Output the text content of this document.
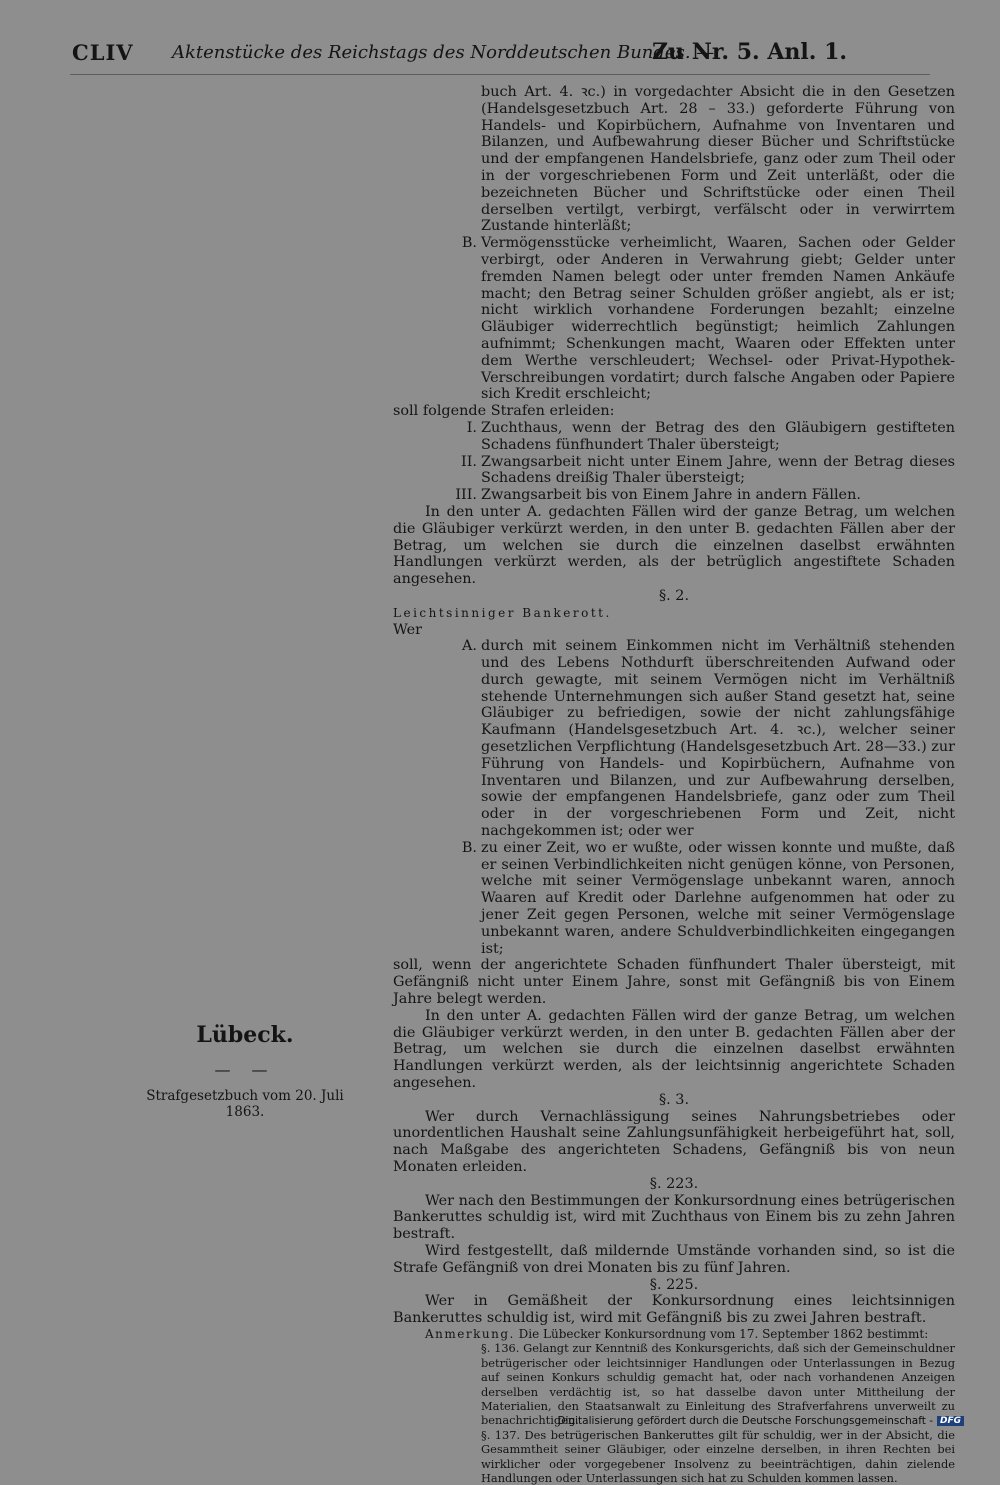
CLIV Aktenstücke des Reichstags des Norddeutschen Bundes. —
Zu Nr. 5. Anl. 1.

buch Art. 4. ꝛc.) in vorgedachter Absicht die in den Gesetzen (Handelsgesetzbuch Art. 28 – 33.) geforderte Führung von Handels- und Kopirbüchern, Aufnahme von Inventaren und Bilanzen, und Aufbewahrung dieser Bücher und Schriftstücke und der empfangenen Handelsbriefe, ganz oder zum Theil oder in der vorgeschriebenen Form und Zeit unterläßt, oder die bezeichneten Bücher und Schriftstücke oder einen Theil derselben vertilgt, verbirgt, verfälscht oder in verwirrtem Zustande hinterläßt;

B. Vermögensstücke verheimlicht, Waaren, Sachen oder Gelder verbirgt, oder Anderen in Verwahrung giebt; Gelder unter fremden Namen belegt oder unter fremden Namen Ankäufe macht; den Betrag seiner Schulden größer angiebt, als er ist; nicht wirklich vorhandene Forderungen bezahlt; einzelne Gläubiger widerrechtlich begünstigt; heimlich Zahlungen aufnimmt; Schenkungen macht, Waaren oder Effekten unter dem Werthe verschleudert; Wechsel- oder Privat-Hypothek-Verschreibungen vordatirt; durch falsche Angaben oder Papiere sich Kredit erschleicht;

soll folgende Strafen erleiden:

I. Zuchthaus, wenn der Betrag des den Gläubigern gestifteten Schadens fünfhundert Thaler übersteigt;

II. Zwangsarbeit nicht unter Einem Jahre, wenn der Betrag dieses Schadens dreißig Thaler übersteigt;

III. Zwangsarbeit bis von Einem Jahre in andern Fällen.

In den unter A. gedachten Fällen wird der ganze Betrag, um welchen die Gläubiger verkürzt werden, in den unter B. gedachten Fällen aber der Betrag, um welchen sie durch die einzelnen daselbst erwähnten Handlungen verkürzt werden, als der betrüglich angestiftete Schaden angesehen.

§. 2.

Leichtsinniger Bankerott.

Wer

A. durch mit seinem Einkommen nicht im Verhältniß stehenden und des Lebens Nothdurft überschreitenden Aufwand oder durch gewagte, mit seinem Vermögen nicht im Verhältniß stehende Unternehmungen sich außer Stand gesetzt hat, seine Gläubiger zu befriedigen, sowie der nicht zahlungsfähige Kaufmann (Handelsgesetzbuch Art. 4. ꝛc.), welcher seiner gesetzlichen Verpflichtung (Handelsgesetzbuch Art. 28—33.) zur Führung von Handels- und Kopirbüchern, Aufnahme von Inventaren und Bilanzen, und zur Aufbewahrung derselben, sowie der empfangenen Handelsbriefe, ganz oder zum Theil oder in der vorgeschriebenen Form und Zeit, nicht nachgekommen ist; oder wer

B. zu einer Zeit, wo er wußte, oder wissen konnte und mußte, daß er seinen Verbindlichkeiten nicht genügen könne, von Personen, welche mit seiner Vermögenslage unbekannt waren, annoch Waaren auf Kredit oder Darlehne aufgenommen hat oder zu jener Zeit gegen Personen, welche mit seiner Vermögenslage unbekannt waren, andere Schuldverbindlichkeiten eingegangen ist;

soll, wenn der angerichtete Schaden fünfhundert Thaler übersteigt, mit Gefängniß nicht unter Einem Jahre, sonst mit Gefängniß bis von Einem Jahre belegt werden.

In den unter A. gedachten Fällen wird der ganze Betrag, um welchen die Gläubiger verkürzt werden, in den unter B. gedachten Fällen aber der Betrag, um welchen sie durch die einzelnen daselbst erwähnten Handlungen verkürzt werden, als der leichtsinnig angerichtete Schaden angesehen.

§. 3.

Wer durch Vernachlässigung seines Nahrungsbetriebes oder unordentlichen Haushalt seine Zahlungsunfähigkeit herbeigeführt hat, soll, nach Maßgabe des angerichteten Schadens, Gefängniß bis von neun Monaten erleiden.

§. 223.

Wer nach den Bestimmungen der Konkursordnung eines betrügerischen Bankeruttes schuldig ist, wird mit Zuchthaus von Einem bis zu zehn Jahren bestraft.

Wird festgestellt, daß mildernde Umstände vorhanden sind, so ist die Strafe Gefängniß von drei Monaten bis zu fünf Jahren.

§. 225.

Wer in Gemäßheit der Konkursordnung eines leichtsinnigen Bankeruttes schuldig ist, wird mit Gefängniß bis zu zwei Jahren bestraft.

Anmerkung. Die Lübecker Konkursordnung vom 17. September 1862 bestimmt:

§. 136. Gelangt zur Kenntniß des Konkursgerichts, daß sich der Gemeinschuldner betrügerischer oder leichtsinniger Handlungen oder Unterlassungen in Bezug auf seinen Konkurs schuldig gemacht hat, oder nach vorhandenen Anzeigen derselben verdächtig ist, so hat dasselbe davon unter Mittheilung der Materialien, den Staatsanwalt zu Einleitung des Strafverfahrens unverweilt zu benachrichtigen.

§. 137. Des betrügerischen Bankeruttes gilt für schuldig, wer in der Absicht, die Gesammtheit seiner Gläubiger, oder einzelne derselben, in ihren Rechten bei wirklicher oder vorgegebener Insolvenz zu beeinträchtigen, dahin zielende Handlungen oder Unterlassungen sich hat zu Schulden kommen lassen.

Lübeck.
— —
Strafgesetzbuch vom 20. Juli
1863.
Digitalisierung gefördert durch die Deutsche Forschungsgemeinschaft - DFG
